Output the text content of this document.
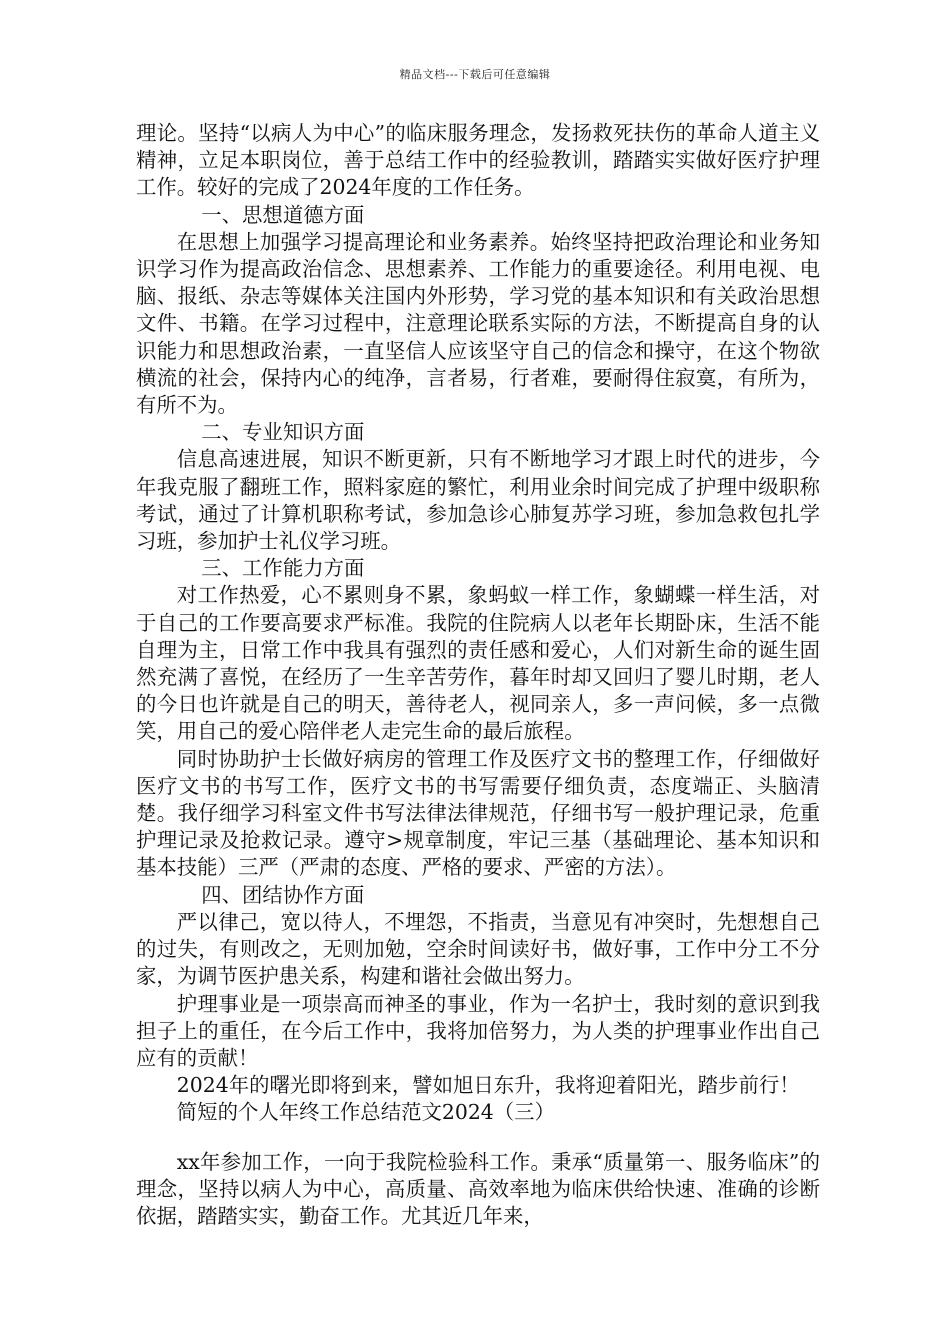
精品文档---下载后可任意编辑

理论。坚持“以病人为中心”的临床服务理念，发扬救死扶伤的革命人道主义精神，立足本职岗位，善于总结工作中的经验教训，踏踏实实做好医疗护理工作。较好的完成了2024年度的工作任务。

一、思想道德方面

在思想上加强学习提高理论和业务素养。始终坚持把政治理论和业务知识学习作为提高政治信念、思想素养、工作能力的重要途径。利用电视、电脑、报纸、杂志等媒体关注国内外形势，学习党的基本知识和有关政治思想文件、书籍。在学习过程中，注意理论联系实际的方法，不断提高自身的认识能力和思想政治素，一直坚信人应该坚守自己的信念和操守，在这个物欲横流的社会，保持内心的纯净，言者易，行者难，要耐得住寂寞，有所为，有所不为。

二、专业知识方面

信息高速进展，知识不断更新，只有不断地学习才跟上时代的进步，今年我克服了翻班工作，照料家庭的繁忙，利用业余时间完成了护理中级职称考试，通过了计算机职称考试，参加急诊心肺复苏学习班，参加急救包扎学习班，参加护士礼仪学习班。

三、工作能力方面

对工作热爱，心不累则身不累，象蚂蚁一样工作，象蝴蝶一样生活，对于自己的工作要高要求严标准。我院的住院病人以老年长期卧床，生活不能自理为主，日常工作中我具有强烈的责任感和爱心，人们对新生命的诞生固然充满了喜悦，在经历了一生辛苦劳作，暮年时却又回归了婴儿时期，老人的今日也许就是自己的明天，善待老人，视同亲人，多一声问候，多一点微笑，用自己的爱心陪伴老人走完生命的最后旅程。

同时协助护士长做好病房的管理工作及医疗文书的整理工作，仔细做好医疗文书的书写工作，医疗文书的书写需要仔细负责，态度端正、头脑清楚。我仔细学习科室文件书写法律法律规范，仔细书写一般护理记录，危重护理记录及抢救记录。遵守>规章制度，牢记三基（基础理论、基本知识和基本技能）三严（严肃的态度、严格的要求、严密的方法）。

四、团结协作方面

严以律己，宽以待人，不埋怨，不指责，当意见有冲突时，先想想自己的过失，有则改之，无则加勉，空余时间读好书，做好事，工作中分工不分家，为调节医护患关系，构建和谐社会做出努力。

护理事业是一项崇高而神圣的事业，作为一名护士，我时刻的意识到我担子上的重任，在今后工作中，我将加倍努力，为人类的护理事业作出自己应有的贡献！

2024年的曙光即将到来，譬如旭日东升，我将迎着阳光，踏步前行！

简短的个人年终工作总结范文2024（三）

xx年参加工作，一向于我院检验科工作。秉承“质量第一、服务临床”的理念，坚持以病人为中心，高质量、高效率地为临床供给快速、准确的诊断依据，踏踏实实，勤奋工作。尤其近几年来，
